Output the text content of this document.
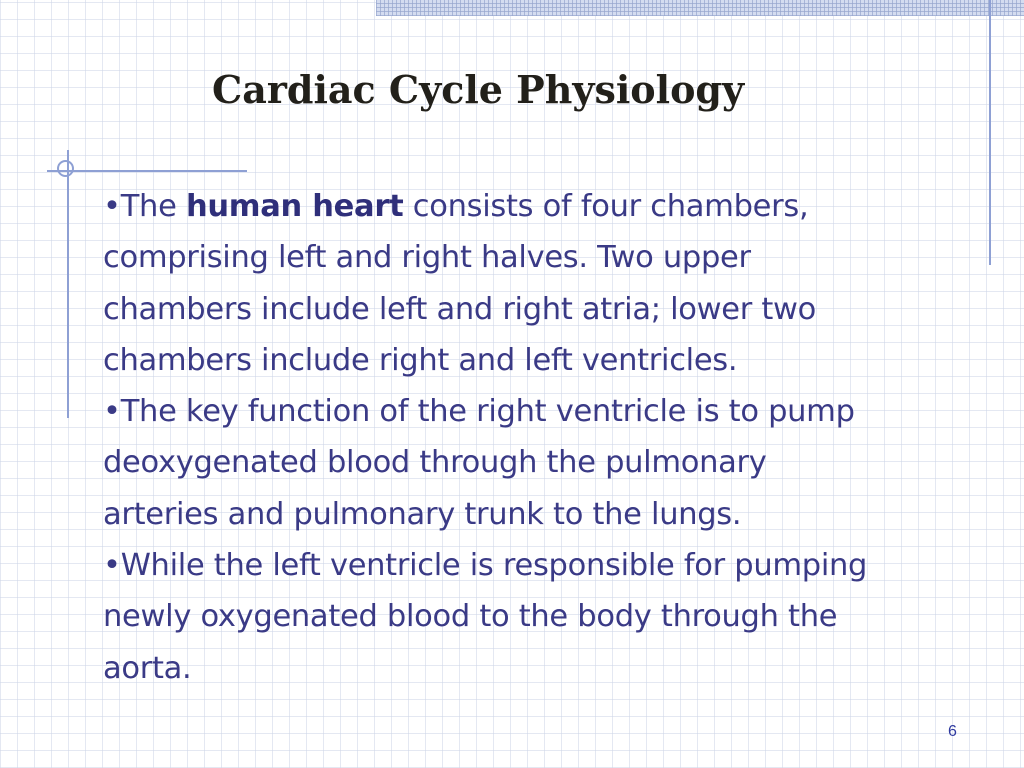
Cardiac Cycle Physiology
•The human heart consists of four chambers,
comprising left and right halves. Two upper
chambers include left and right atria; lower two
chambers include right and left ventricles.
•The key function of the right ventricle is to pump
deoxygenated blood through the pulmonary
arteries and pulmonary trunk to the lungs.
•While the left ventricle is responsible for pumping
newly oxygenated blood to the body through the
aorta.
6
